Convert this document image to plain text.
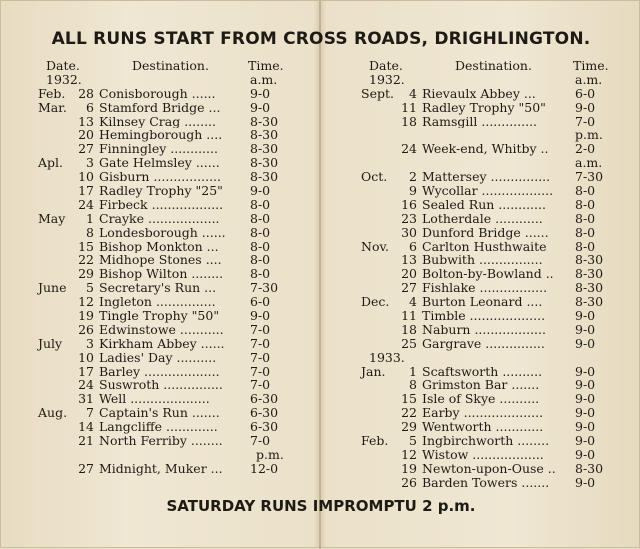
ALL RUNS START FROM CROSS ROADS, DRIGHLINGTON.
Date.	Destination.	Time.
1932.	a.m.
Feb.	28 Conisborough ......	9-0
Mar.	6 Stamford Bridge ...	9-0
13 Kilnsey Crag ........	8-30
20 Hemingborough ....	8-30
27 Finningley ............	8-30
Apl.	3 Gate Helmsley ......	8-30
10 Gisburn .................	8-30
17 Radley Trophy "25"	9-0
24 Firbeck ..................	8-0
May	1 Crayke ..................	8-0
8 Londesborough ......	8-0
15 Bishop Monkton ...	8-0
22 Midhope Stones ....	8-0
29 Bishop Wilton ........	8-0
June	5 Secretary's Run ...	7-30
12 Ingleton ...............	6-0
19 Tingle Trophy "50"	9-0
26 Edwinstowe ...........	7-0
July	3 Kirkham Abbey ......	7-0
10 Ladies' Day ..........	7-0
17 Barley ...................	7-0
24 Suswroth ...............	7-0
31 Well ....................	6-30
Aug.	7 Captain's Run .......	6-30
14 Langcliffe .............	6-30
21 North Ferriby ........	7-0
p.m.
27 Midnight, Muker ...	12-0
Date.	Destination.	Time.
1932.	a.m.
Sept.	4 Rievaulx Abbey ...	6-0
11 Radley Trophy "50"	9-0
18 Ramsgill ..............	7-0
p.m.
24 Week-end, Whitby ..	2-0
a.m.
Oct.	2 Mattersey ...............	7-30
9 Wycollar ..................	8-0
16 Sealed Run ............	8-0
23 Lotherdale ............	8-0
30 Dunford Bridge ......	8-0
Nov.	6 Carlton Husthwaite	8-0
13 Bubwith ................	8-30
20 Bolton-by-Bowland ..	8-30
27 Fishlake .................	8-30
Dec.	4 Burton Leonard ....	8-30
11 Timble ...................	9-0
18 Naburn ..................	9-0
25 Gargrave ...............	9-0
1933.
Jan.	1 Scaftsworth ..........	9-0
8 Grimston Bar .......	9-0
15 Isle of Skye ..........	9-0
22 Earby ....................	9-0
29 Wentworth ............	9-0
Feb.	5 Ingbirchworth ........	9-0
12 Wistow ..................	9-0
19 Newton-upon-Ouse ..	8-30
26 Barden Towers .......	9-0
SATURDAY RUNS IMPROMPTU 2 p.m.
